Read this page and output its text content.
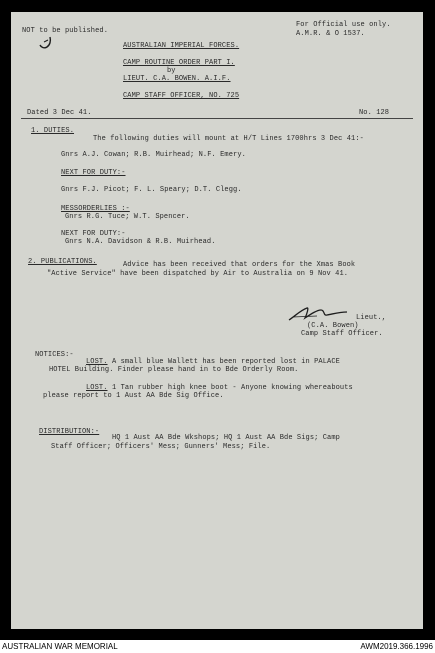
NOT to be published.
For Official use only.
A.M.R. & O 1537.
AUSTRALIAN IMPERIAL FORCES.
CAMP ROUTINE ORDER PART I.
by
LIEUT. C.A. BOWEN. A.I.F.
CAMP STAFF OFFICER, NO. 725
Dated 3 Dec 41.	No. 128
1. DUTIES.
The following duties will mount at H/T Lines 1700hrs 3 Dec 41:-
Gnrs A.J. Cowan; R.B. Muirhead; N.F. Emery.
NEXT FOR DUTY:-
Gnrs F.J. Picot; F. L. Speary; D.T. Clegg.
MESSORDERLIES :-
Gnrs R.G. Tuce; W.T. Spencer.
NEXT FOR DUTY:-
Gnrs N.A. Davidson & R.B. Muirhead.
2. PUBLICATIONS.	Advice has been received that orders for the Xmas Book
"Active Service" have been dispatched by Air to Australia on 9 Nov 41.
Lieut.,
(C.A. Bowen)
Camp Staff Officer.
NOTICES:-
LOST. A small blue Wallett has been reported lost in PALACE
HOTEL Building. Finder please hand in to Bde Orderly Room.
LOST. 1 Tan rubber high knee boot - Anyone knowing whereabouts
please report to 1 Aust AA Bde Sig Office.
DISTRIBUTION:-
HQ 1 Aust AA Bde Wkshops; HQ 1 Aust AA Bde Sigs; Camp
Staff Officer; Officers' Mess; Gunners' Mess; File.
AUSTRALIAN WAR MEMORIAL	AWM2019.366.1996
